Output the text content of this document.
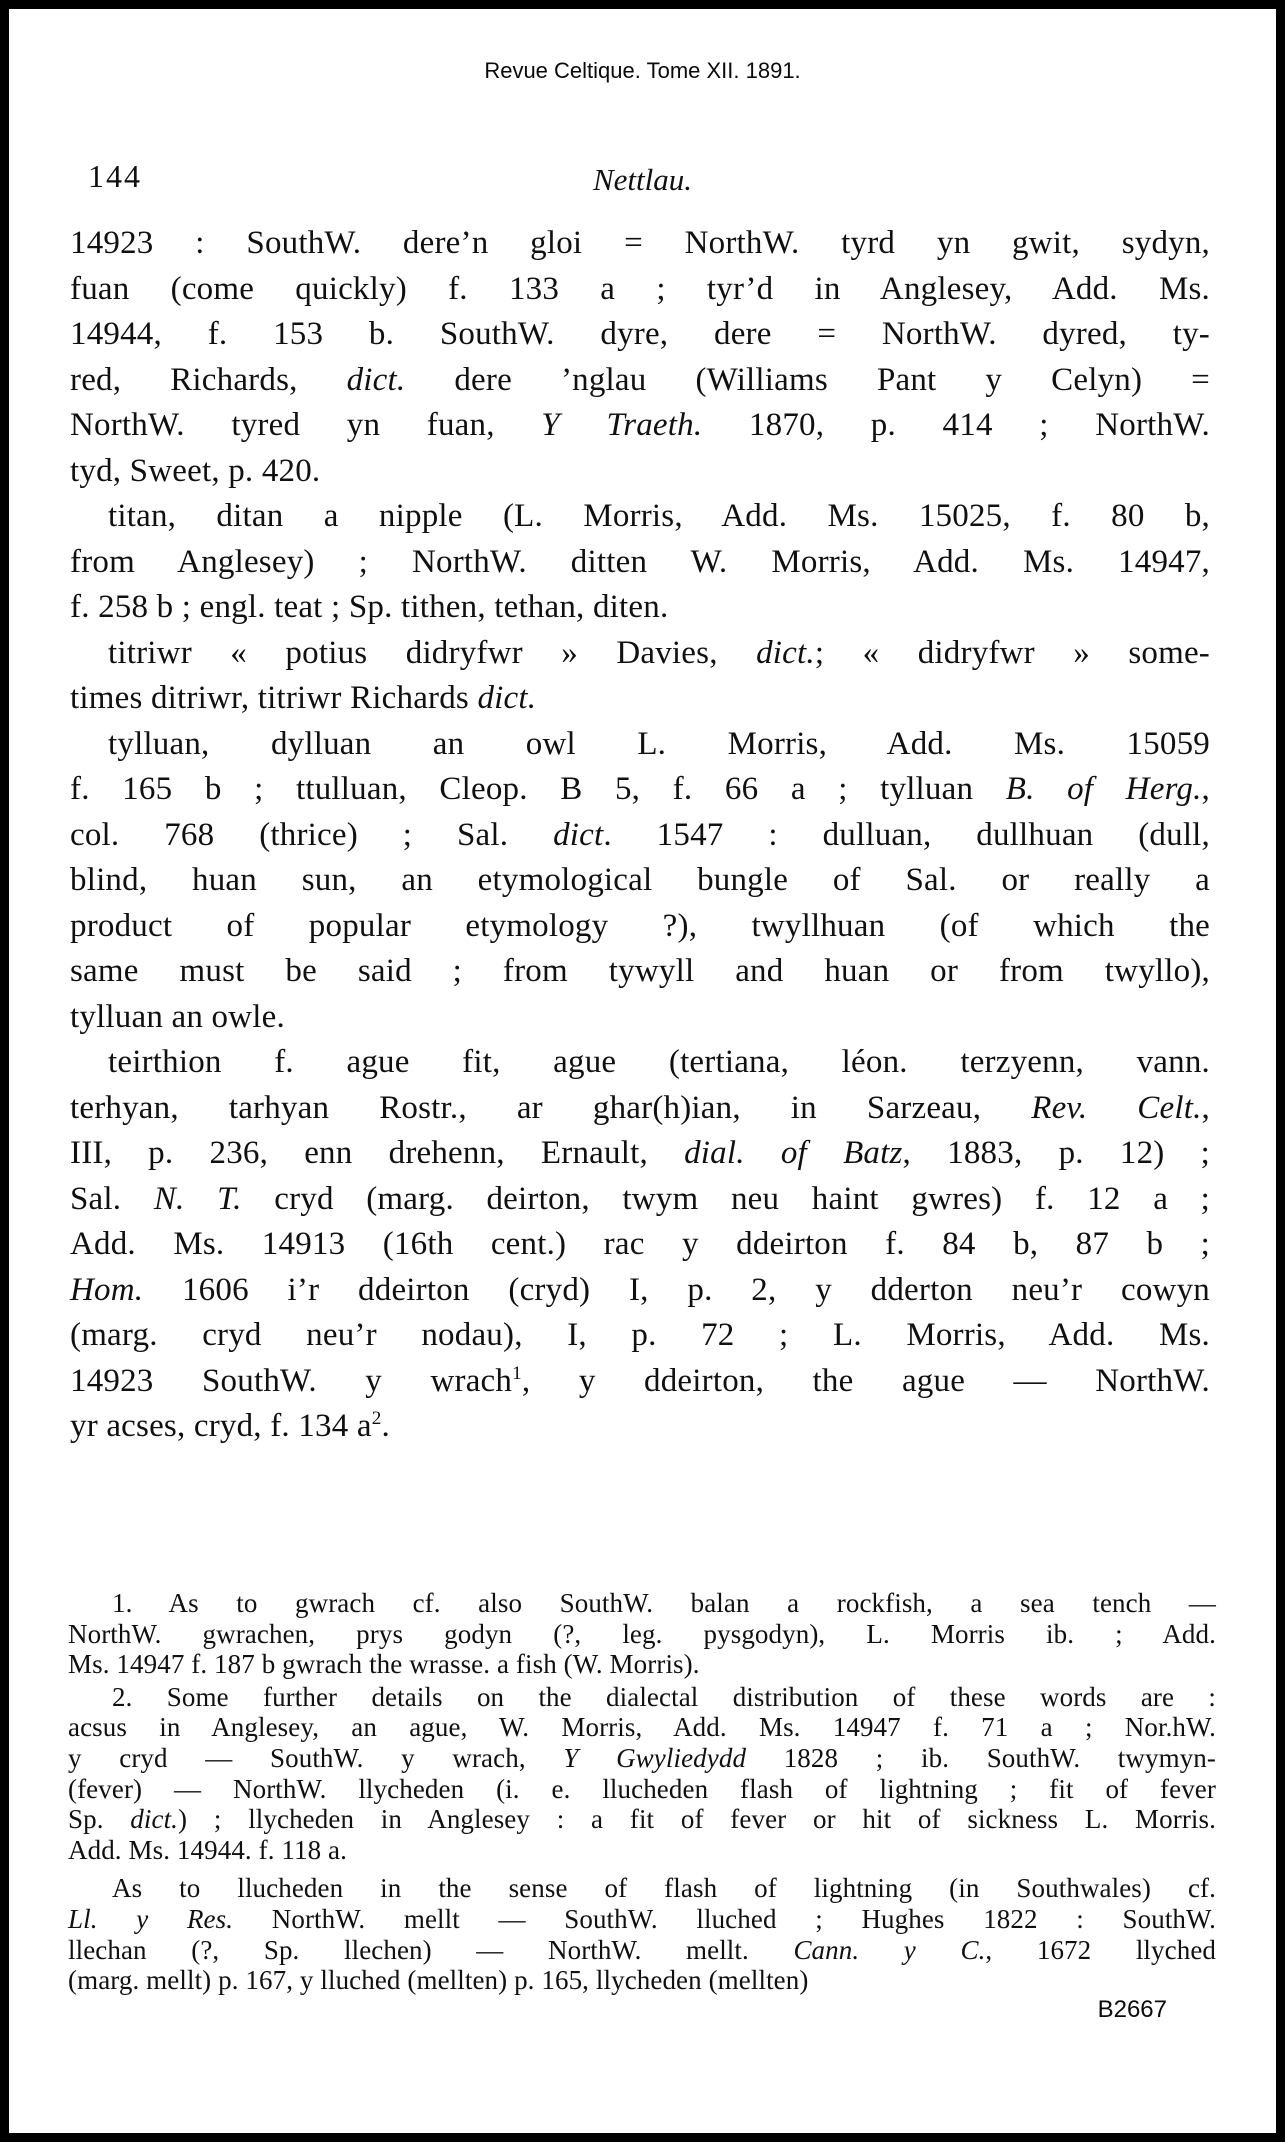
Revue Celtique. Tome XII. 1891.
144	Nettlau.
14923 : SouthW. dere’n gloi = NorthW. tyrd yn gwit, sydyn,
fuan (come quickly) f. 133 a ; tyr’d in Anglesey, Add. Ms.
14944, f. 153 b. SouthW. dyre, dere = NorthW. dyred, ty-
red, Richards, dict. dere ’nglau (Williams Pant y Celyn) =
NorthW. tyred yn fuan, Y Traeth. 1870, p. 414 ; NorthW.
tyd, Sweet, p. 420.
titan, ditan a nipple (L. Morris, Add. Ms. 15025, f. 80 b,
from Anglesey) ; NorthW. ditten W. Morris, Add. Ms. 14947,
f. 258 b ; engl. teat ; Sp. tithen, tethan, diten.
titriwr « potius didryfwr » Davies, dict.; « didryfwr » some-
times ditriwr, titriwr Richards dict.
tylluan, dylluan an owl L. Morris, Add. Ms. 15059
f. 165 b ; ttulluan, Cleop. B 5, f. 66 a ; tylluan B. of Herg.,
col. 768 (thrice) ; Sal. dict. 1547 : dulluan, dullhuan (dull,
blind, huan sun, an etymological bungle of Sal. or really a
product of popular etymology ?), twyllhuan (of which the
same must be said ; from tywyll and huan or from twyllo),
tylluan an owle.
teirthion f. ague fit, ague (tertiana, léon. terzyenn, vann.
terhyan, tarhyan Rostr., ar ghar(h)ian, in Sarzeau, Rev. Celt.,
III, p. 236, enn drehenn, Ernault, dial. of Batz, 1883, p. 12) ;
Sal. N. T. cryd (marg. deirton, twym neu haint gwres) f. 12 a ;
Add. Ms. 14913 (16th cent.) rac y ddeirton f. 84 b, 87 b ;
Hom. 1606 i’r ddeirton (cryd) I, p. 2, y dderton neu’r cowyn
(marg. cryd neu’r nodau), I, p. 72 ; L. Morris, Add. Ms.
14923 SouthW. y wrach$^1$, y ddeirton, the ague — NorthW.
yr acses, cryd, f. 134 $a^2$.
1. As to gwrach cf. also SouthW. balan a rockfish, a sea tench —
NorthW. gwrachen, prys godyn (?, leg. pysgodyn), L. Morris ib. ; Add.
Ms. 14947 f. 187 b gwrach the wrasse. a fish (W. Morris).
2. Some further details on the dialectal distribution of these words are :
acsus in Anglesey, an ague, W. Morris, Add. Ms. 14947 f. 71 a ; Nor.hW.
y cryd — SouthW. y wrach, Y Gwyliedydd 1828 ; ib. SouthW. twymyn-
(fever) — NorthW. llycheden (i. e. llucheden flash of lightning ; fit of fever
Sp. dict.) ; llycheden in Anglesey : a fit of fever or hit of sickness L. Morris.
Add. Ms. 14944. f. 118 a.
As to llucheden in the sense of flash of lightning (in Southwales) cf.
Ll. y Res. NorthW. mellt — SouthW. lluched ; Hughes 1822 : SouthW.
llechan (?, Sp. llechen) — NorthW. mellt. Cann. y C., 1672 llyched
(marg. mellt) p. 167, y lluched (mellten) p. 165, llycheden (mellten)
B2667
